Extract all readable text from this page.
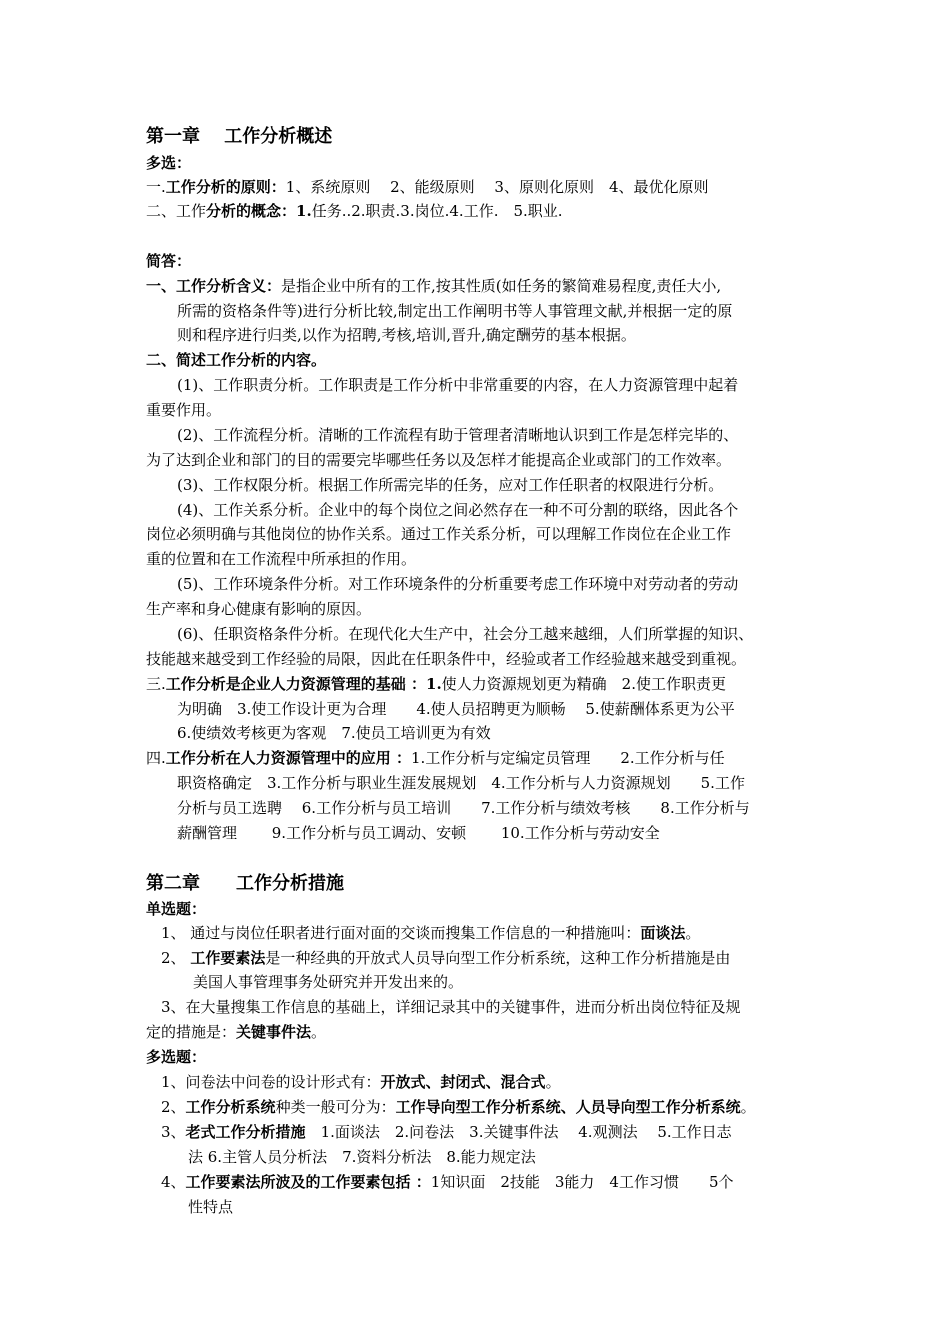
第一章　 工作分析概述
多选：
一.工作分析的原则：1、系统原则　 2、能级原则　 3、原则化原则　4、最优化原则
二、工作分析的概念：1.任务..2.职责.3.岗位.4.工作.　5.职业.
简答：
一、工作分析含义：是指企业中所有的工作,按其性质(如任务的繁简难易程度,责任大小,
所需的资格条件等)进行分析比较,制定出工作阐明书等人事管理文献,并根据一定的原
则和程序进行归类,以作为招聘,考核,培训,晋升,确定酬劳的基本根据。
二、简述工作分析的内容。
(1)、工作职责分析。工作职责是工作分析中非常重要的内容，在人力资源管理中起着
重要作用。
(2)、工作流程分析。清晰的工作流程有助于管理者清晰地认识到工作是怎样完毕的、
为了达到企业和部门的目的需要完毕哪些任务以及怎样才能提高企业或部门的工作效率。
(3)、工作权限分析。根据工作所需完毕的任务，应对工作任职者的权限进行分析。
(4)、工作关系分析。企业中的每个岗位之间必然存在一种不可分割的联络，因此各个
岗位必须明确与其他岗位的协作关系。通过工作关系分析，可以理解工作岗位在企业工作
重的位置和在工作流程中所承担的作用。
(5)、工作环境条件分析。对工作环境条件的分析重要考虑工作环境中对劳动者的劳动
生产率和身心健康有影响的原因。
(6)、任职资格条件分析。在现代化大生产中，社会分工越来越细，人们所掌握的知识、
技能越来越受到工作经验的局限，因此在任职条件中，经验或者工作经验越来越受到重视。
三.工作分析是企业人力资源管理的基础 ：1.使人力资源规划更为精确　2.使工作职责更
为明确　3.使工作设计更为合理　　4.使人员招聘更为顺畅　 5.使薪酬体系更为公平
6.使绩效考核更为客观　7.使员工培训更为有效
四.工作分析在人力资源管理中的应用 ：1.工作分析与定编定员管理　　2.工作分析与任
职资格确定　3.工作分析与职业生涯发展规划　4.工作分析与人力资源规划　　5.工作
分析与员工选聘　 6.工作分析与员工培训　　7.工作分析与绩效考核　　8.工作分析与
薪酬管理　　 9.工作分析与员工调动、安顿　　 10.工作分析与劳动安全
第二章　　工作分析措施
单选题：
1、 通过与岗位任职者进行面对面的交谈而搜集工作信息的一种措施叫：面谈法。
2、 工作要素法是一种经典的开放式人员导向型工作分析系统，这种工作分析措施是由
美国人事管理事务处研究并开发出来的。
3、在大量搜集工作信息的基础上，详细记录其中的关键事件，进而分析出岗位特征及规
定的措施是：关键事件法。
多选题：
1、问卷法中问卷的设计形式有：开放式、封闭式、混合式。
2、工作分析系统种类一般可分为：工作导向型工作分析系统、人员导向型工作分析系统。
3、老式工作分析措施　1.面谈法　2.问卷法　3.关键事件法　 4.观测法　 5.工作日志
法 6.主管人员分析法　7.资料分析法　8.能力规定法
4、工作要素法所波及的工作要素包括 ：1知识面　2技能　3能力　4工作习惯　　5个
性特点
